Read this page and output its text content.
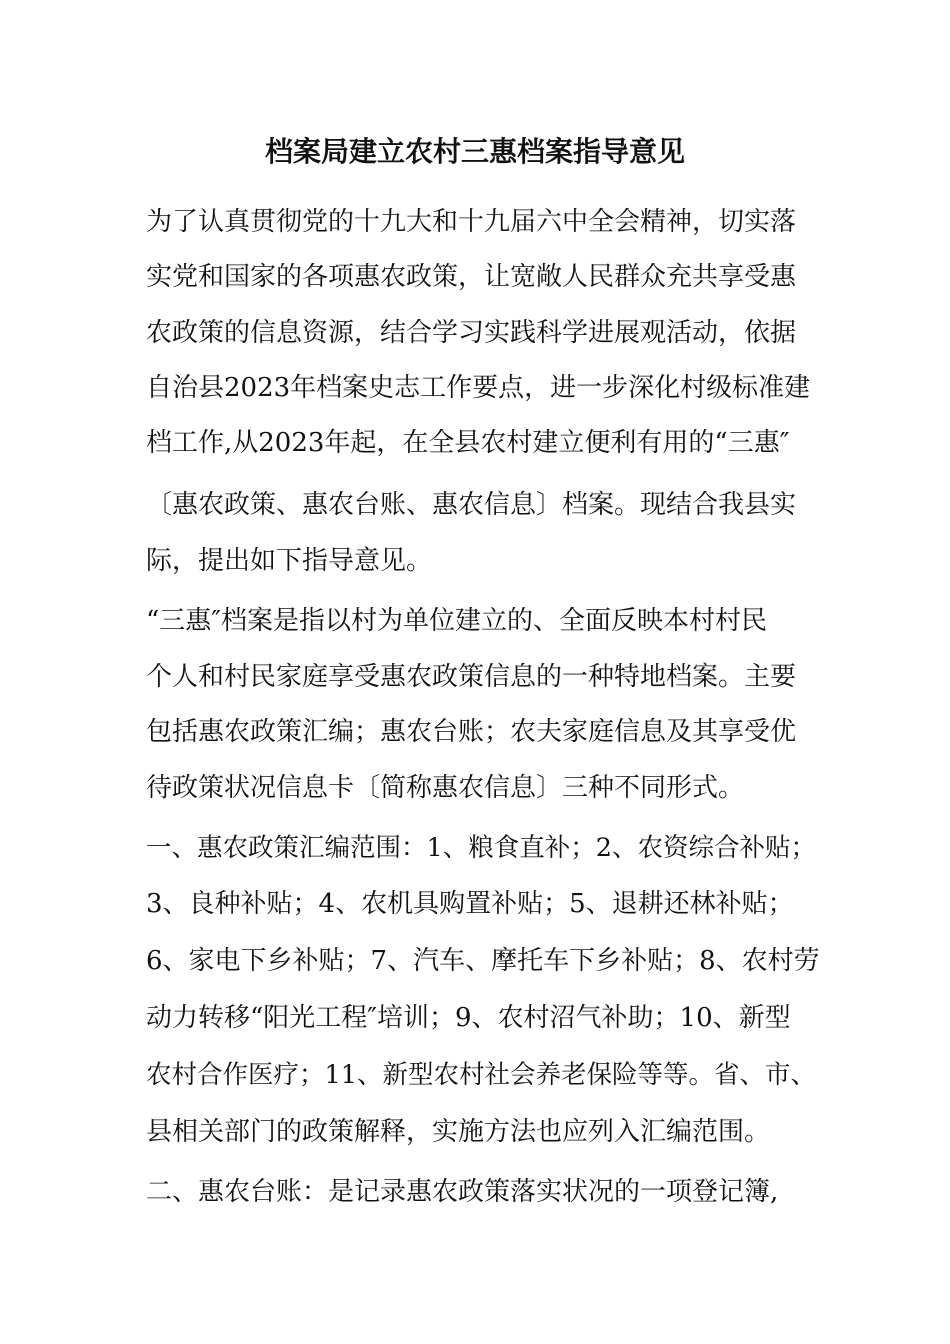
档案局建立农村三惠档案指导意见

为了认真贯彻党的十九大和十九届六中全会精神，切实落

实党和国家的各项惠农政策，让宽敞人民群众充共享受惠

农政策的信息资源，结合学习实践科学进展观活动，依据

自治县2023年档案史志工作要点，进一步深化村级标准建

档工作,从2023年起，在全县农村建立便利有用的“三惠″

〔惠农政策、惠农台账、惠农信息〕档案。现结合我县实

际，提出如下指导意见。

“三惠″档案是指以村为单位建立的、全面反映本村村民

个人和村民家庭享受惠农政策信息的一种特地档案。主要

包括惠农政策汇编；惠农台账；农夫家庭信息及其享受优

待政策状况信息卡〔简称惠农信息〕三种不同形式。

一、惠农政策汇编范围：1、粮食直补；2、农资综合补贴；

3、良种补贴；4、农机具购置补贴；5、退耕还林补贴；

6、家电下乡补贴；7、汽车、摩托车下乡补贴；8、农村劳

动力转移“阳光工程″培训；9、农村沼气补助；10、新型

农村合作医疗；11、新型农村社会养老保险等等。省、市、

县相关部门的政策解释，实施方法也应列入汇编范围。

二、惠农台账：是记录惠农政策落实状况的一项登记簿,
